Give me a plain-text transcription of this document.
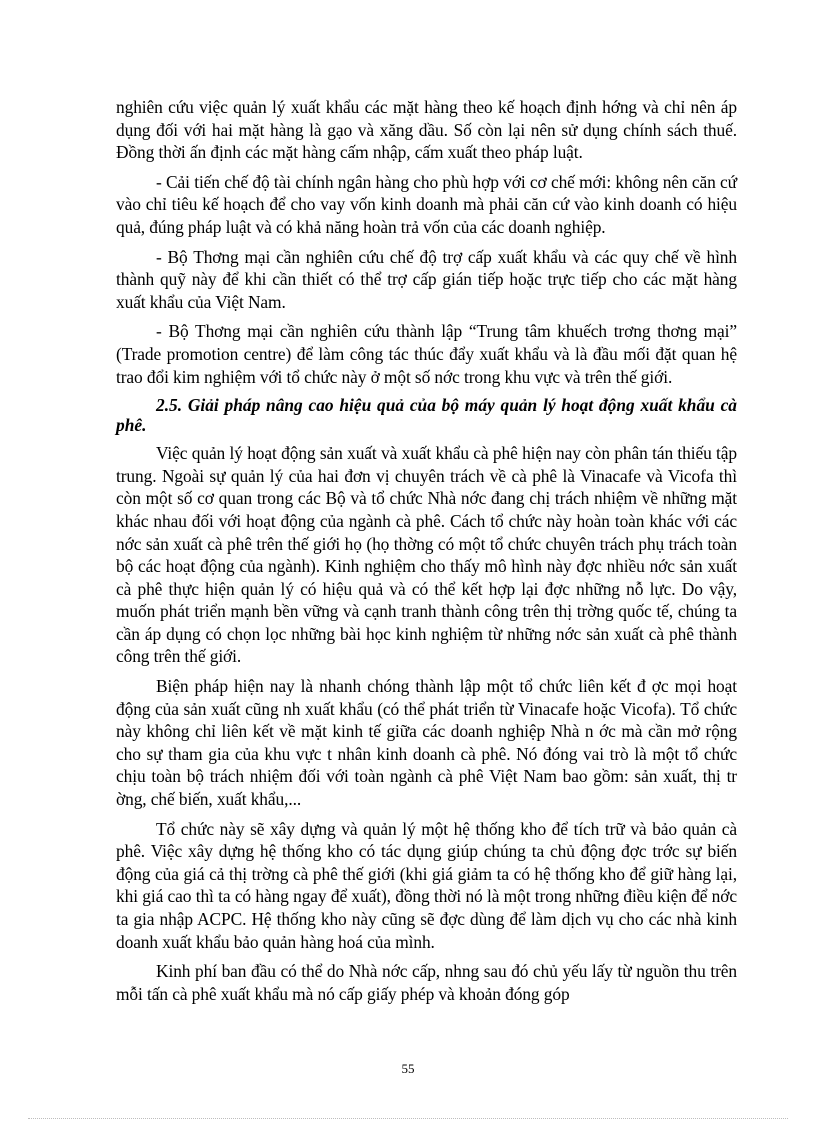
nghiên cứu việc quản lý xuất khẩu các mặt hàng theo kế hoạch định hớng và chỉ nên áp dụng đối với hai mặt hàng là gạo và xăng dầu. Số còn lại nên sử dụng chính sách thuế. Đồng thời ấn định các mặt hàng cấm nhập, cấm xuất theo pháp luật.

- Cải tiến chế độ tài chính ngân hàng cho phù hợp với cơ chế mới: không nên căn cứ vào chỉ tiêu kế hoạch để cho vay vốn kinh doanh mà phải căn cứ vào kinh doanh có hiệu quả, đúng pháp luật và có khả năng hoàn trả vốn của các doanh nghiệp.

- Bộ Thơng mại cần nghiên cứu chế độ trợ cấp xuất khẩu và các quy chế về hình thành quỹ này để khi cần thiết có thể trợ cấp gián tiếp hoặc trực tiếp cho các mặt hàng xuất khẩu của Việt Nam.

- Bộ Thơng mại cần nghiên cứu thành lập “Trung tâm khuếch trơng thơng mại” (Trade promotion centre) để làm công tác thúc đẩy xuất khẩu và là đầu mối đặt quan hệ trao đổi kim nghiệm với tổ chức này ở một số nớc trong khu vực và trên thế giới.

2.5. Giải pháp nâng cao hiệu quả của bộ máy quản lý hoạt động xuất khẩu cà phê.

Việc quản lý hoạt động sản xuất và xuất khẩu cà phê hiện nay còn phân tán thiếu tập trung. Ngoài sự quản lý của hai đơn vị chuyên trách về cà phê là Vinacafe và Vicofa thì còn một số cơ quan trong các Bộ và tổ chức Nhà nớc đang chị trách nhiệm về những mặt khác nhau đối với hoạt động của ngành cà phê. Cách tổ chức này hoàn toàn khác với các nớc sản xuất cà phê trên thế giới họ (họ thờng có một tổ chức chuyên trách phụ trách toàn bộ các hoạt động của ngành). Kinh nghiệm cho thấy mô hình này đợc nhiều nớc sản xuất cà phê thực hiện quản lý có hiệu quả và có thể kết hợp lại đợc những nỗ lực. Do vậy, muốn phát triển mạnh bền vững và cạnh tranh thành công trên thị trờng quốc tế, chúng ta cần áp dụng có chọn lọc những bài học kinh nghiệm từ những nớc sản xuất cà phê thành công trên thế giới.

Biện pháp hiện nay là nhanh chóng thành lập một tổ chức liên kết đ ợc mọi hoạt động của sản xuất cũng nh xuất khẩu (có thể phát triển từ Vinacafe hoặc Vicofa). Tổ chức này không chỉ liên kết về mặt kinh tế giữa các doanh nghiệp Nhà n ớc mà cần mở rộng cho sự tham gia của khu vực t nhân kinh doanh cà phê. Nó đóng vai trò là một tổ chức chịu toàn bộ trách nhiệm đối với toàn ngành cà phê Việt Nam bao gồm: sản xuất, thị tr ờng, chế biến, xuất khẩu,...

Tổ chức này sẽ xây dựng và quản lý một hệ thống kho để tích trữ và bảo quản cà phê. Việc xây dựng hệ thống kho có tác dụng giúp chúng ta chủ động đợc trớc sự biến động của giá cả thị trờng cà phê thế giới (khi giá giảm ta có hệ thống kho để giữ hàng lại, khi giá cao thì ta có hàng ngay để xuất), đồng thời nó là một trong những điều kiện để nớc ta gia nhập ACPC. Hệ thống kho này cũng sẽ đợc dùng để làm dịch vụ cho các nhà kinh doanh xuất khẩu bảo quản hàng hoá của mình.

Kinh phí ban đầu có thể do Nhà nớc cấp, nhng sau đó chủ yếu lấy từ nguồn thu trên mỗi tấn cà phê xuất khẩu mà nó cấp giấy phép và khoản đóng góp

55
